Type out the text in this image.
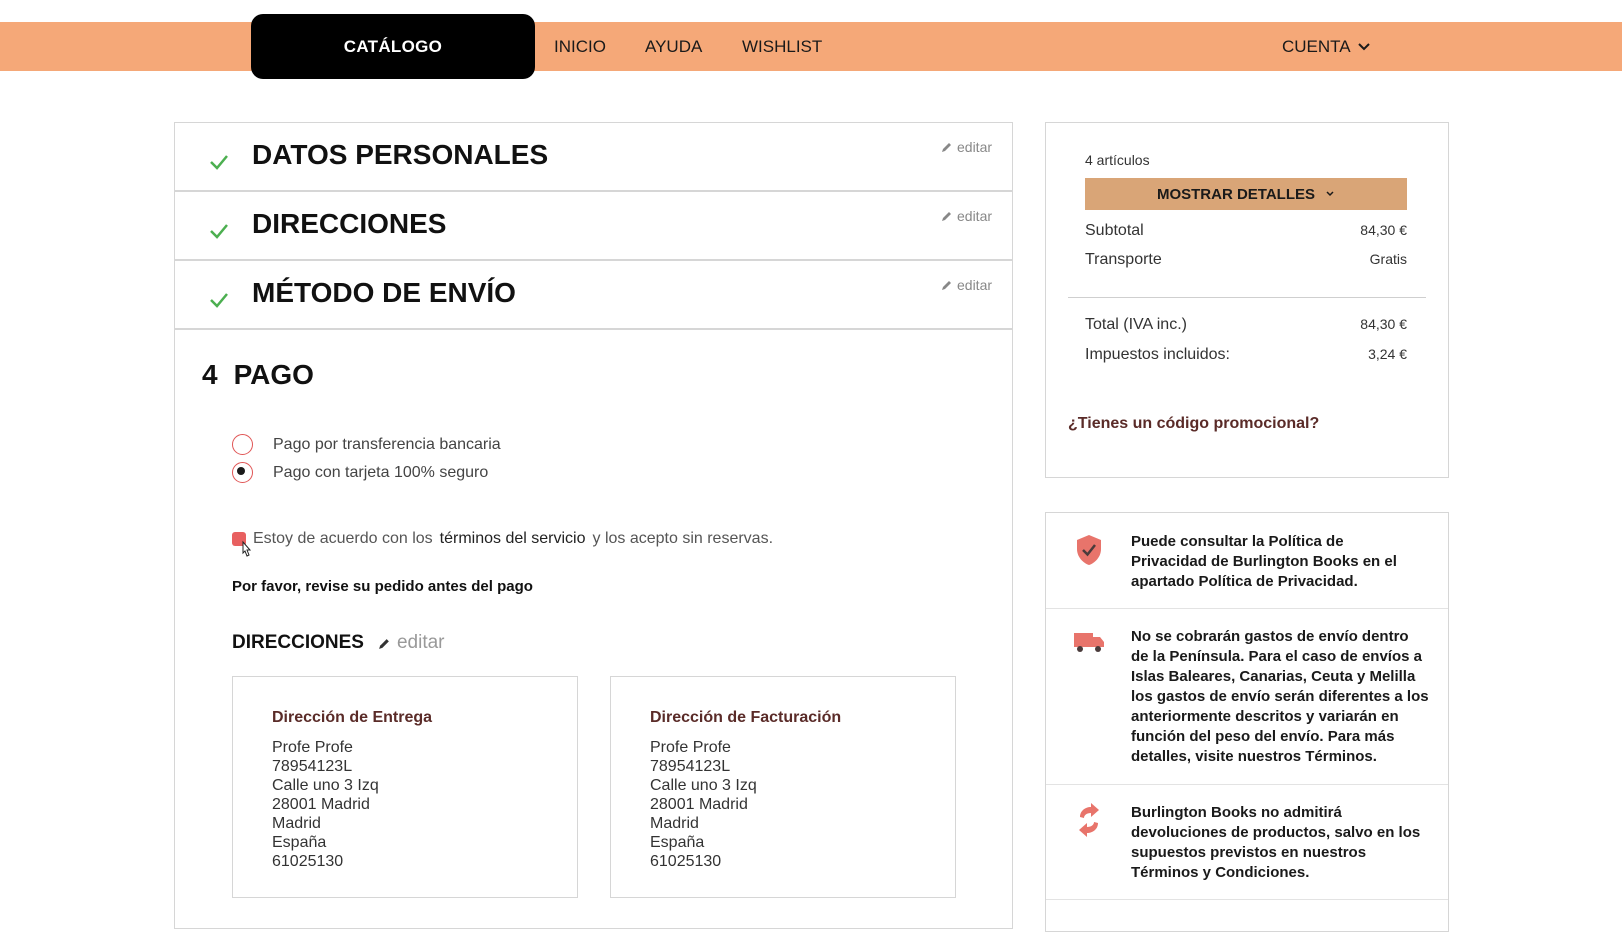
CATÁLOGO	INICIO AYUDA WISHLIST	CUENTA
DATOS PERSONALES	editar
DIRECCIONES	editar
MÉTODO DE ENVÍO	editar
4 PAGO
Pago por transferencia bancaria
Pago con tarjeta 100% seguro
Estoy de acuerdo con los términos del servicio y los acepto sin reservas.
Por favor, revise su pedido antes del pago
DIRECCIONES editar
Dirección de Entrega
Profe Profe
78954123L
Calle uno 3 Izq
28001 Madrid
Madrid
España
61025130
Dirección de Facturación
Profe Profe
78954123L
Calle uno 3 Izq
28001 Madrid
Madrid
España
61025130
4 artículos
MOSTRAR DETALLES
Subtotal	84,30 €
Transporte	Gratis
Total (IVA inc.)	84,30 €
Impuestos incluidos:	3,24 €
¿Tienes un código promocional?
Puede consultar la Política de Privacidad de Burlington Books en el apartado Política de Privacidad.
No se cobrarán gastos de envío dentro de la Península. Para el caso de envíos a Islas Baleares, Canarias, Ceuta y Melilla los gastos de envío serán diferentes a los anteriormente descritos y variarán en función del peso del envío. Para más detalles, visite nuestros Términos.
Burlington Books no admitirá devoluciones de productos, salvo en los supuestos previstos en nuestros Términos y Condiciones.
